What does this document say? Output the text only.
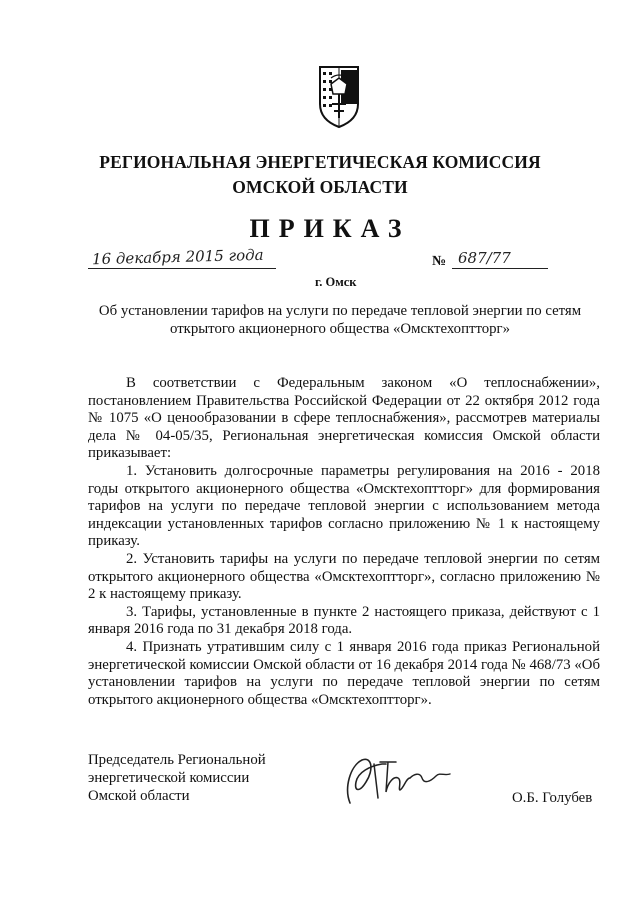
РЕГИОНАЛЬНАЯ ЭНЕРГЕТИЧЕСКАЯ КОМИССИЯ
ОМСКОЙ ОБЛАСТИ
ПРИКАЗ
16 декабря 2015 года
г. Омск
№ 687/77
Об установлении тарифов на услуги по передаче тепловой энергии по сетям открытого акционерного общества «Омсктехоптторг»

В соответствии с Федеральным законом «О теплоснабжении», постановлением Правительства Российской Федерации от 22 октября 2012 года № 1075 «О ценообразовании в сфере теплоснабжения», рассмотрев материалы дела № 04-05/35, Региональная энергетическая комиссия Омской области приказывает:

1. Установить долгосрочные параметры регулирования на 2016 - 2018 годы открытого акционерного общества «Омсктехоптторг» для формирования тарифов на услуги по передаче тепловой энергии с использованием метода индексации установленных тарифов согласно приложению № 1 к настоящему приказу.

2. Установить тарифы на услуги по передаче тепловой энергии по сетям открытого акционерного общества «Омсктехоптторг», согласно приложению № 2 к настоящему приказу.

3. Тарифы, установленные в пункте 2 настоящего приказа, действуют с 1 января 2016 года по 31 декабря 2018 года.

4. Признать утратившим силу с 1 января 2016 года приказ Региональной энергетической комиссии Омской области от 16 декабря 2014 года № 468/73 «Об установлении тарифов на услуги по передаче тепловой энергии по сетям открытого акционерного общества «Омсктехоптторг».

Председатель Региональной
энергетической комиссии
Омской области	О.Б. Голубев
